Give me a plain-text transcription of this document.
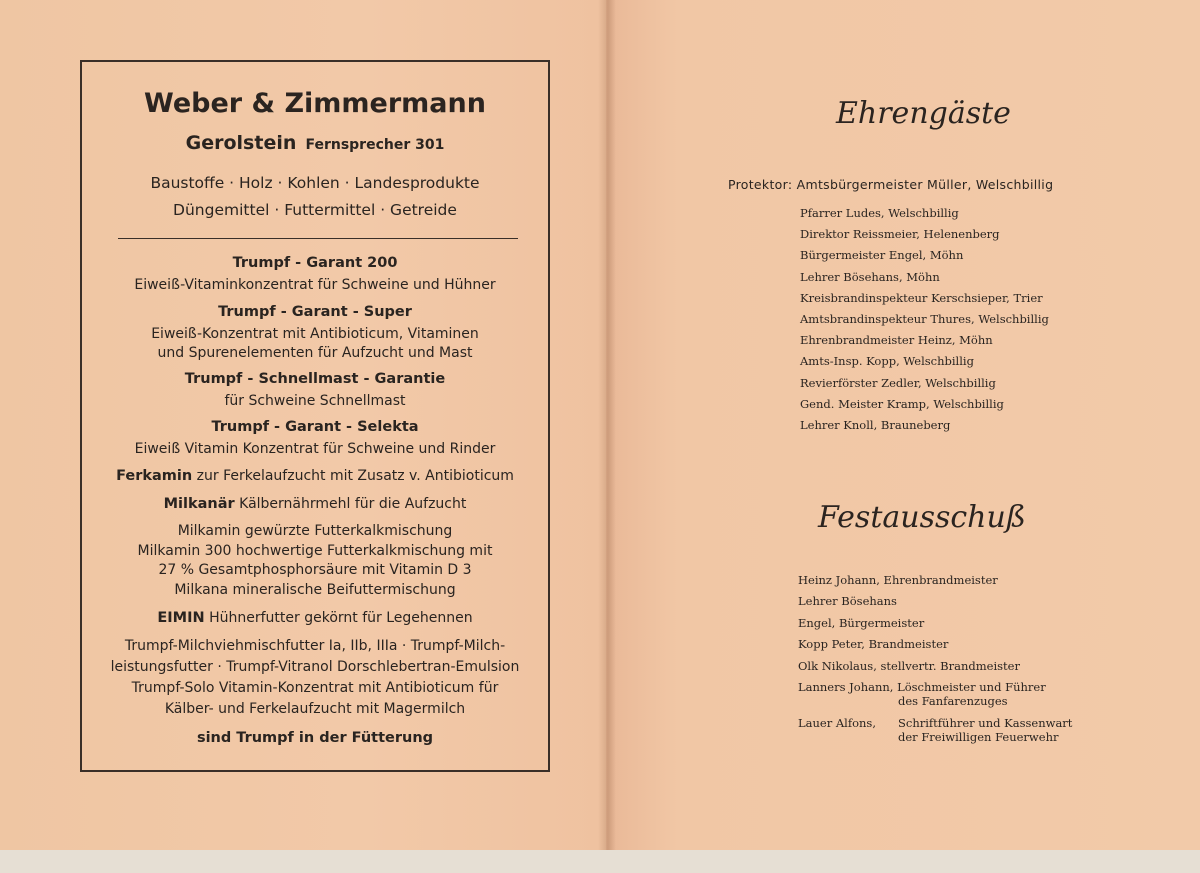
Weber & Zimmermann
Gerolstein Fernsprecher 301
Baustoffe · Holz · Kohlen · Landesprodukte
Düngemittel · Futtermittel · Getreide
Trumpf - Garant 200
Eiweiß-Vitaminkonzentrat für Schweine und Hühner
Trumpf - Garant - Super
Eiweiß-Konzentrat mit Antibioticum, Vitaminen
und Spurenelementen für Aufzucht und Mast
Trumpf - Schnellmast - Garantie
für Schweine Schnellmast
Trumpf - Garant - Selekta
Eiweiß Vitamin Konzentrat für Schweine und Rinder
Ferkamin zur Ferkelaufzucht mit Zusatz v. Antibioticum
Milkanär Kälbernährmehl für die Aufzucht
Milkamin gewürzte Futterkalkmischung
Milkamin 300 hochwertige Futterkalkmischung mit
27 % Gesamtphosphorsäure mit Vitamin D 3
Milkana mineralische Beifuttermischung
EIMIN Hühnerfutter gekörnt für Legehennen
Trumpf-Milchviehmischfutter Ia, IIb, IIIa · Trumpf-Milch-
leistungsfutter · Trumpf-Vitranol Dorschlebertran-Emulsion
Trumpf-Solo Vitamin-Konzentrat mit Antibioticum für
Kälber- und Ferkelaufzucht mit Magermilch
sind Trumpf in der Fütterung
Ehrengäste
Protektor: Amtsbürgermeister Müller, Welschbillig
Pfarrer Ludes, Welschbillig
Direktor Reissmeier, Helenenberg
Bürgermeister Engel, Möhn
Lehrer Bösehans, Möhn
Kreisbrandinspekteur Kerschsieper, Trier
Amtsbrandinspekteur Thures, Welschbillig
Ehrenbrandmeister Heinz, Möhn
Amts-Insp. Kopp, Welschbillig
Revierförster Zedler, Welschbillig
Gend. Meister Kramp, Welschbillig
Lehrer Knoll, Brauneberg
Festausschuß
Heinz Johann, Ehrenbrandmeister
Lehrer Bösehans
Engel, Bürgermeister
Kopp Peter, Brandmeister
Olk Nikolaus, stellvertr. Brandmeister
Lanners Johann, Löschmeister und Führer
des Fanfarenzuges
Lauer Alfons, Schriftführer und Kassenwart
der Freiwilligen Feuerwehr
